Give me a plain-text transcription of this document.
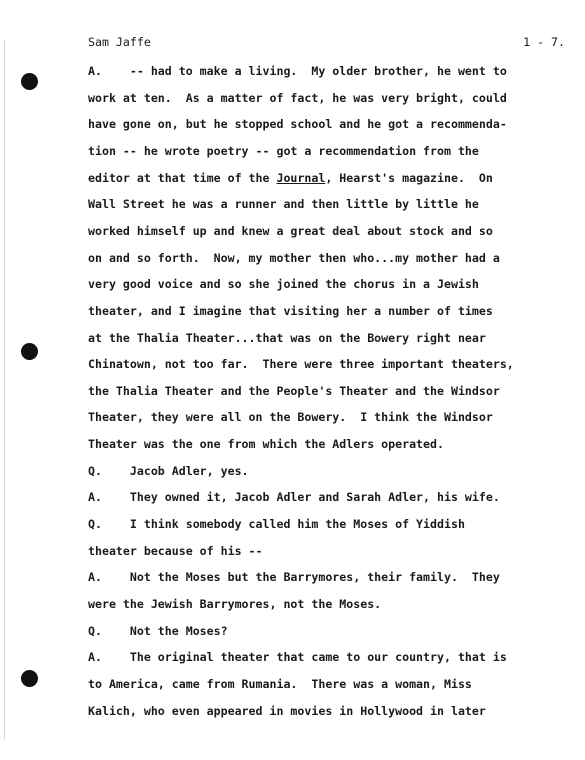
Sam Jaffe	1 - 7.
A.    -- had to make a living.  My older brother, he went to
work at ten.  As a matter of fact, he was very bright, could
have gone on, but he stopped school and he got a recommenda-
tion -- he wrote poetry -- got a recommendation from the
editor at that time of the Journal, Hearst's magazine.  On
Wall Street he was a runner and then little by little he
worked himself up and knew a great deal about stock and so
on and so forth.  Now, my mother then who...my mother had a
very good voice and so she joined the chorus in a Jewish
theater, and I imagine that visiting her a number of times
at the Thalia Theater...that was on the Bowery right near
Chinatown, not too far.  There were three important theaters,
the Thalia Theater and the People's Theater and the Windsor
Theater, they were all on the Bowery.  I think the Windsor
Theater was the one from which the Adlers operated.
Q.    Jacob Adler, yes.
A.    They owned it, Jacob Adler and Sarah Adler, his wife.
Q.    I think somebody called him the Moses of Yiddish
theater because of his --
A.    Not the Moses but the Barrymores, their family.  They
were the Jewish Barrymores, not the Moses.
Q.    Not the Moses?
A.    The original theater that came to our country, that is
to America, came from Rumania.  There was a woman, Miss
Kalich, who even appeared in movies in Hollywood in later
